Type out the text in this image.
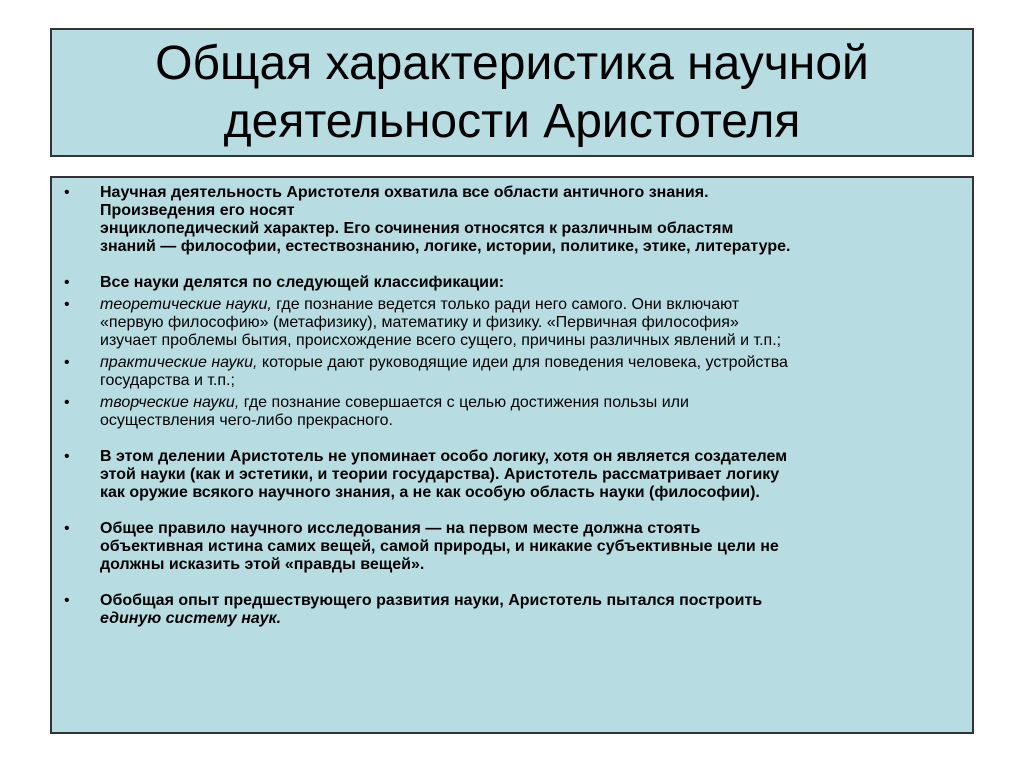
Общая характеристика научной
деятельности Аристотеля
• Научная деятельность Аристотеля охватила все области античного знания.
Произведения его носят
энциклопедический характер. Его сочинения относятся к различным областям
знаний — философии, естествознанию, логике, истории, политике, этике, литературе.
• Все науки делятся по следующей классификации:
• теоретические науки, где познание ведется только ради него самого. Они включают
«первую философию» (метафизику), математику и физику. «Первичная философия»
изучает проблемы бытия, происхождение всего сущего, причины различных явлений и т.п.;
• практические науки, которые дают руководящие идеи для поведения человека, устройства
государства и т.п.;
• творческие науки, где познание совершается с целью достижения пользы или
осуществления чего-либо прекрасного.
• В этом делении Аристотель не упоминает особо логику, хотя он является создателем
этой науки (как и эстетики, и теории государства). Аристотель рассматривает логику
как оружие всякого научного знания, а не как особую область науки (философии).
• Общее правило научного исследования — на первом месте должна стоять
объективная истина самих вещей, самой природы, и никакие субъективные цели не
должны исказить этой «правды вещей».
• Обобщая опыт предшествующего развития науки, Аристотель пытался построить
единую систему наук.
